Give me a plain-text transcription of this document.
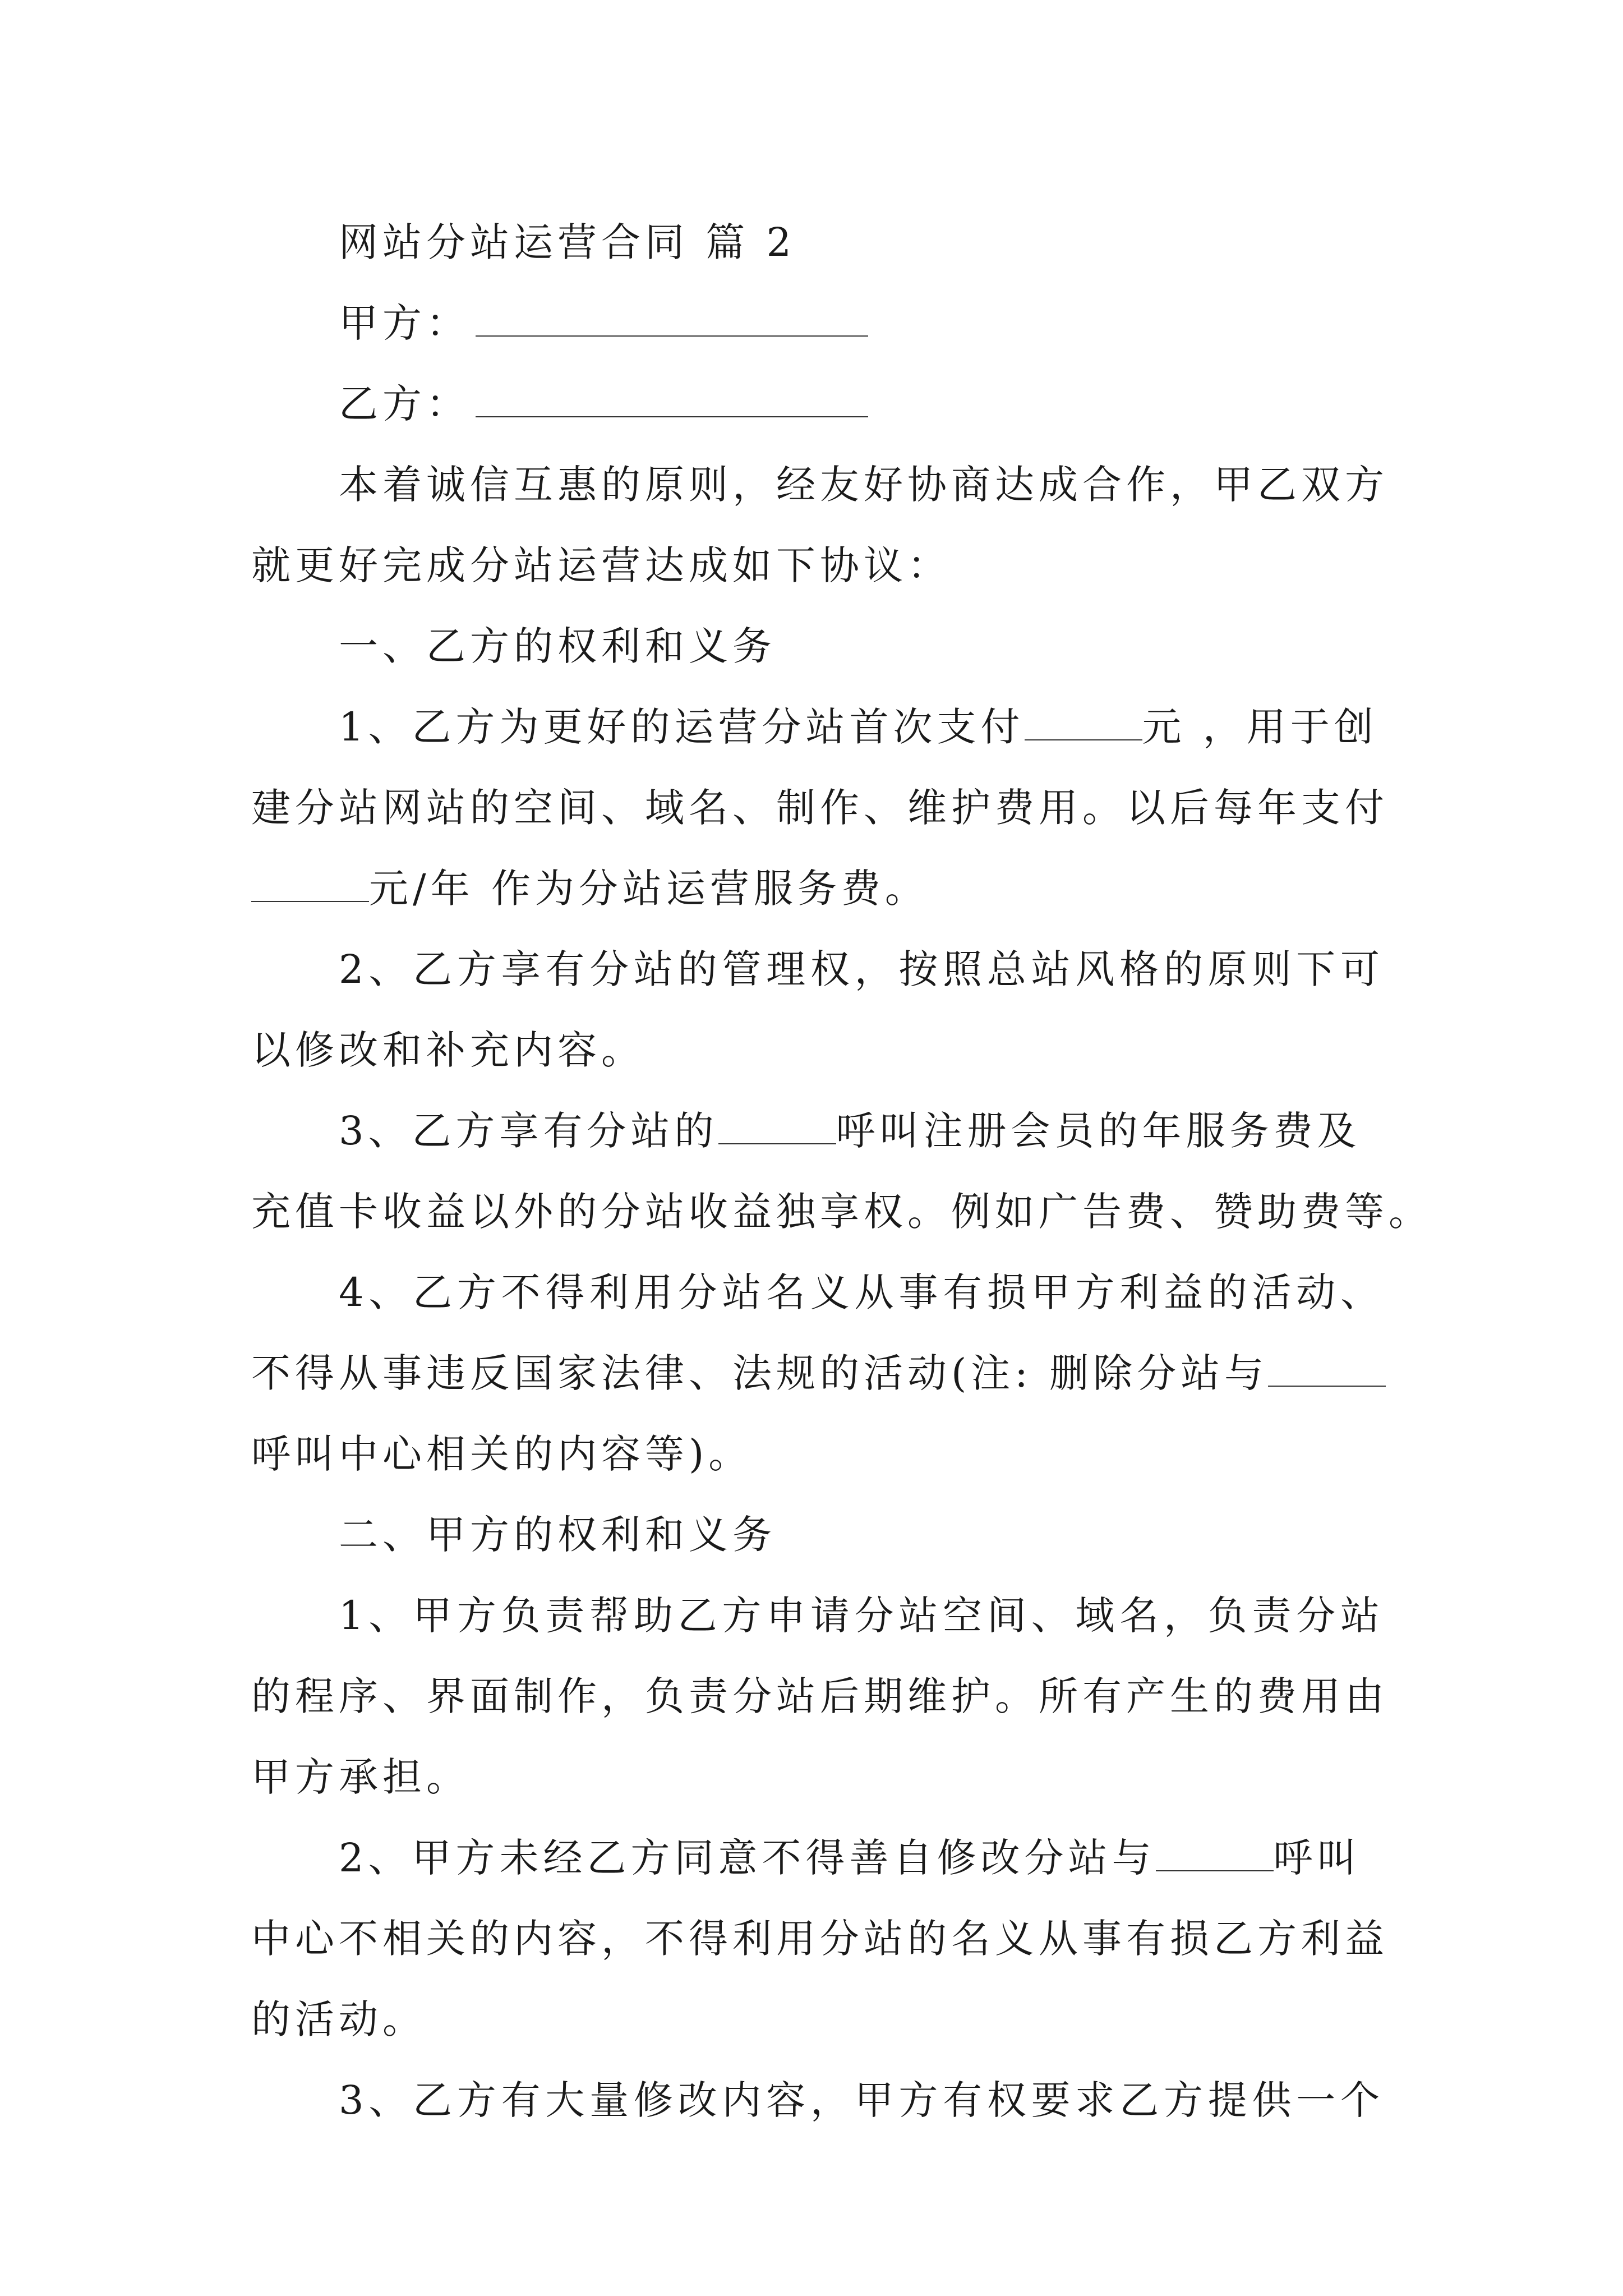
网站分站运营合同 篇 2
甲方：
乙方：
本着诚信互惠的原则，经友好协商达成合作，甲乙双方
就更好完成分站运营达成如下协议：
一、乙方的权利和义务
1、乙方为更好的运营分站首次支付	元 ，用于创
建分站网站的空间、域名、制作、维护费用。以后每年支付
元/年 作为分站运营服务费。
2、乙方享有分站的管理权，按照总站风格的原则下可
以修改和补充内容。
3、乙方享有分站的	呼叫注册会员的年服务费及
充值卡收益以外的分站收益独享权。例如广告费、赞助费等。
4、乙方不得利用分站名义从事有损甲方利益的活动、
不得从事违反国家法律、法规的活动(注: 删除分站与
呼叫中心相关的内容等)。
二、甲方的权利和义务
1、甲方负责帮助乙方申请分站空间、域名，负责分站
的程序、界面制作，负责分站后期维护。所有产生的费用由
甲方承担。
2、甲方未经乙方同意不得善自修改分站与	呼叫
中心不相关的内容，不得利用分站的名义从事有损乙方利益
的活动。
3、乙方有大量修改内容，甲方有权要求乙方提供一个
